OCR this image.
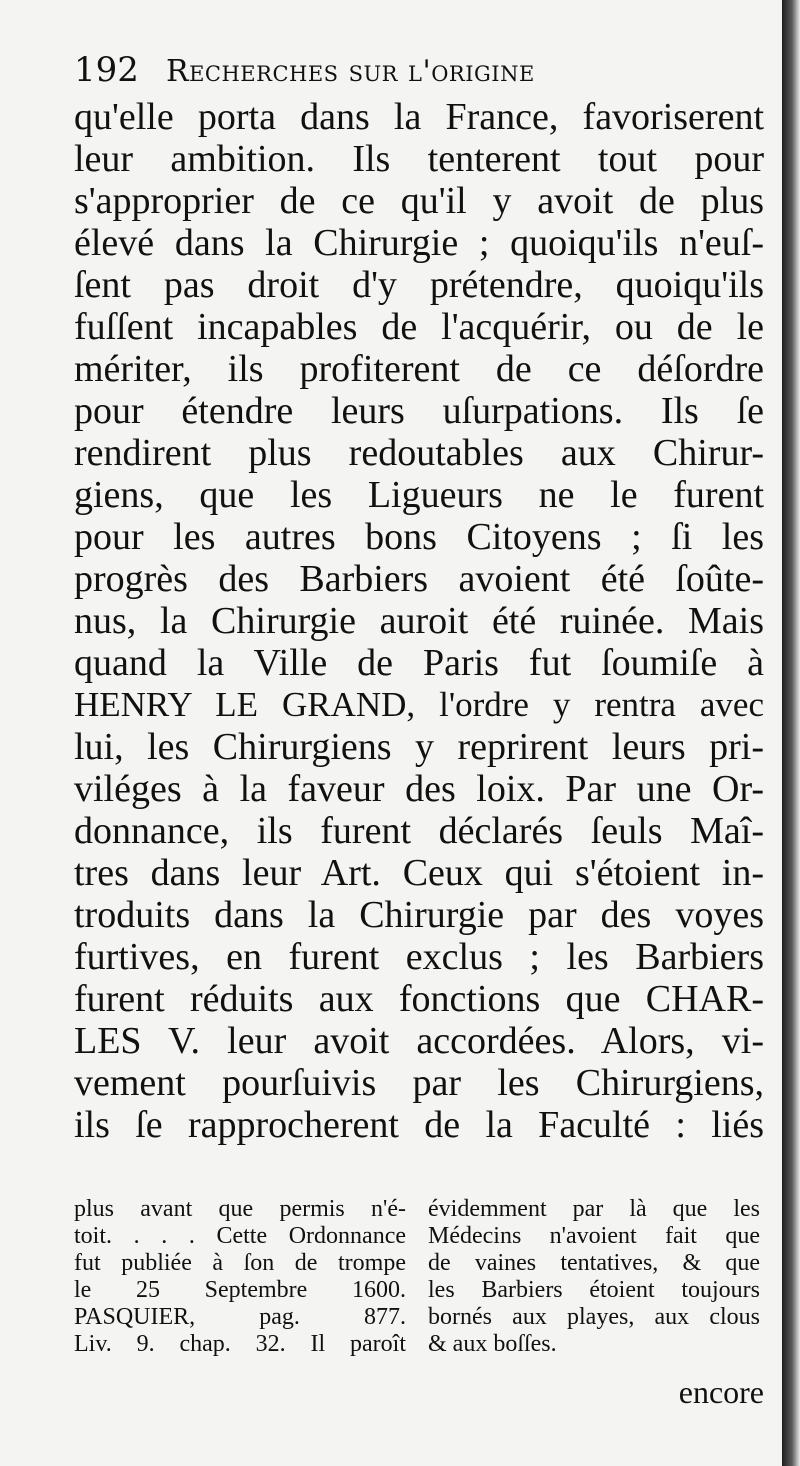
192 Recherches sur l'origine
qu'elle porta dans la France, favoriserent
leur ambition. Ils tenterent tout pour
s'approprier de ce qu'il y avoit de plus
élevé dans la Chirurgie ; quoiqu'ils n'euſ-
ſent pas droit d'y prétendre, quoiqu'ils
fuſſent incapables de l'acquérir, ou de le
mériter, ils profiterent de ce déſordre
pour étendre leurs uſurpations. Ils ſe
rendirent plus redoutables aux Chirur-
giens, que les Ligueurs ne le furent
pour les autres bons Citoyens ; ſi les
progrès des Barbiers avoient été ſoûte-
nus, la Chirurgie auroit été ruinée. Mais
quand la Ville de Paris fut ſoumiſe à
HENRY LE GRAND, l'ordre y rentra avec
lui, les Chirurgiens y reprirent leurs pri-
viléges à la faveur des loix. Par une Or-
donnance, ils furent déclarés ſeuls Maî-
tres dans leur Art. Ceux qui s'étoient in-
troduits dans la Chirurgie par des voyes
furtives, en furent exclus ; les Barbiers
furent réduits aux fonctions que CHAR-
LES V. leur avoit accordées. Alors, vi-
vement pourſuivis par les Chirurgiens,
ils ſe rapprocherent de la Faculté : liés
plus avant que permis n'é-
toit. . . . Cette Ordonnance
fut publiée à ſon de trompe
le 25 Septembre 1600.
PASQUIER, pag. 877.
Liv. 9. chap. 32. Il paroît
évidemment par là que les
Médecins n'avoient fait que
de vaines tentatives, & que
les Barbiers étoient toujours
bornés aux playes, aux clous
& aux boſſes.
encore
